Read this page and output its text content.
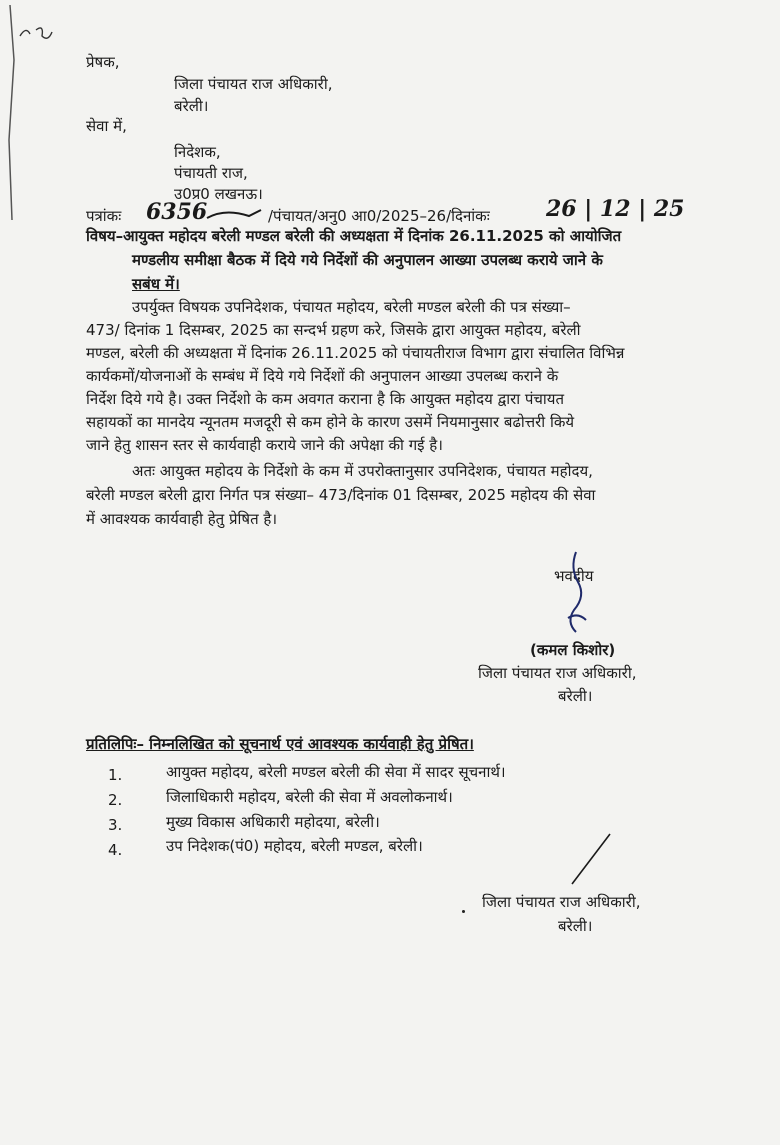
प्रेषक,
जिला पंचायत राज अधिकारी,
बरेली।
सेवा में,
निदेशक,
पंचायती राज,
उ0प्र0 लखनऊ।
पत्रांकः 6356	/पंचायत/अनु0 आ0/2025–26/दिनांकः	26 | 12 | 25
विषय–आयुक्त महोदय बरेली मण्डल बरेली की अध्यक्षता में दिनांक 26.11.2025 को आयोजित
मण्डलीय समीक्षा बैठक में दिये गये निर्देशों की अनुपालन आख्या उपलब्ध कराये जाने के
सबंध में।
उपर्युक्त विषयक उपनिदेशक, पंचायत महोदय, बरेली मण्डल बरेली की पत्र संख्या–
473/ दिनांक 1 दिसम्बर, 2025 का सन्दर्भ ग्रहण करे, जिसके द्वारा आयुक्त महोदय, बरेली
मण्डल, बरेली की अध्यक्षता में दिनांक 26.11.2025 को पंचायतीराज विभाग द्वारा संचालित विभिन्न
कार्यकमों/योजनाओं के सम्बंध में दिये गये निर्देशों की अनुपालन आख्या उपलब्ध कराने के
निर्देश दिये गये है। उक्त निर्देशो के कम अवगत कराना है कि आयुक्त महोदय द्वारा पंचायत
सहायकों का मानदेय न्यूनतम मजदूरी से कम होने के कारण उसमें नियमानुसार बढोत्तरी किये
जाने हेतु शासन स्तर से कार्यवाही कराये जाने की अपेक्षा की गई है।
अतः आयुक्त महोदय के निर्देशो के कम में उपरोक्तानुसार उपनिदेशक, पंचायत महोदय,
बरेली मण्डल बरेली द्वारा निर्गत पत्र संख्या– 473/दिनांक 01 दिसम्बर, 2025 महोदय की सेवा
में आवश्यक कार्यवाही हेतु प्रेषित है।
भवदीय
(कमल किशोर)
जिला पंचायत राज अधिकारी,
बरेली।
प्रतिलिपिः– निम्नलिखित को सूचनार्थ एवं आवश्यक कार्यवाही हेतु प्रेषित।
1.	आयुक्त महोदय, बरेली मण्डल बरेली की सेवा में सादर सूचनार्थ।
2.	जिलाधिकारी महोदय, बरेली की सेवा में अवलोकनार्थ।
3.	मुख्य विकास अधिकारी महोदया, बरेली।
4.	उप निदेशक(पं0) महोदय, बरेली मण्डल, बरेली।
जिला पंचायत राज अधिकारी,
बरेली।
